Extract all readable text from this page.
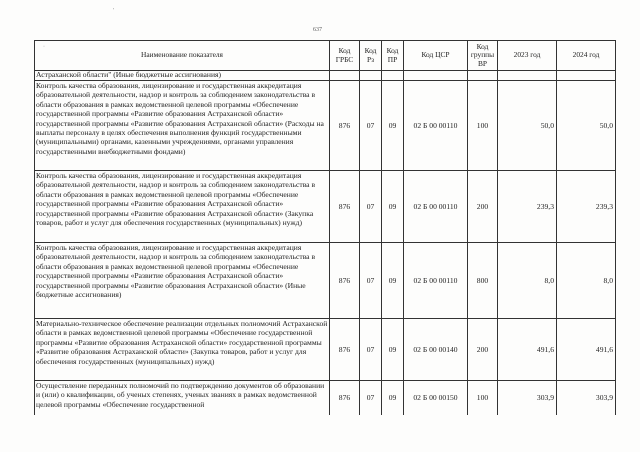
637
'
·
Наименование показателя	Код ГРБС	Код Рз	Код ПР	Код ЦСР	Код группы ВР	2023 год	2024 год
Астраханской области" (Иные бюджетные ассигнования)							
Контроль качества образования, лицензирование и государственная аккредитация образовательной деятельности, надзор и контроль за соблюдением законодательства в области образования в рамках ведомственной целевой программы «Обеспечение государственной программы «Развитие образования Астраханской области» государственной программы «Развитие образования Астраханской области» (Расходы на выплаты персоналу в целях обеспечения выполнения функций государственными (муниципальными) органами, казенными учреждениями, органами управления государственными внебюджетными фондами)	876	07	09	02 Б 00 00110	100	50,0	50,0
Контроль качества образования, лицензирование и государственная аккредитация образовательной деятельности, надзор и контроль за соблюдением законодательства в области образования в рамках ведомственной целевой программы «Обеспечение государственной программы «Развитие образования Астраханской области» государственной программы «Развитие образования Астраханской области» (Закупка товаров, работ и услуг для обеспечения государственных (муниципальных) нужд)	876	07	09	02 Б 00 00110	200	239,3	239,3
Контроль качества образования, лицензирование и государственная аккредитация образовательной деятельности, надзор и контроль за соблюдением законодательства в области образования в рамках ведомственной целевой программы «Обеспечение государственной программы «Развитие образования Астраханской области» государственной программы «Развитие образования Астраханской области» (Иные бюджетные ассигнования)	876	07	09	02 Б 00 00110	800	8,0	8,0
Материально-техническое обеспечение реализации отдельных полномочий Астраханской области в рамках ведомственной целевой программы «Обеспечение государственной программы «Развитие образования Астраханской области» государственной программы «Развитие образования Астраханской области» (Закупка товаров, работ и услуг для обеспечения государственных (муниципальных) нужд)	876	07	09	02 Б 00 00140	200	491,6	491,6
Осуществление переданных полномочий по подтверждению документов об образовании и (или) о квалификации, об ученых степенях, ученых званиях в рамках ведомственной целевой программы «Обеспечение государственной	876	07	09	02 Б 00 00150	100	303,9	303,9
